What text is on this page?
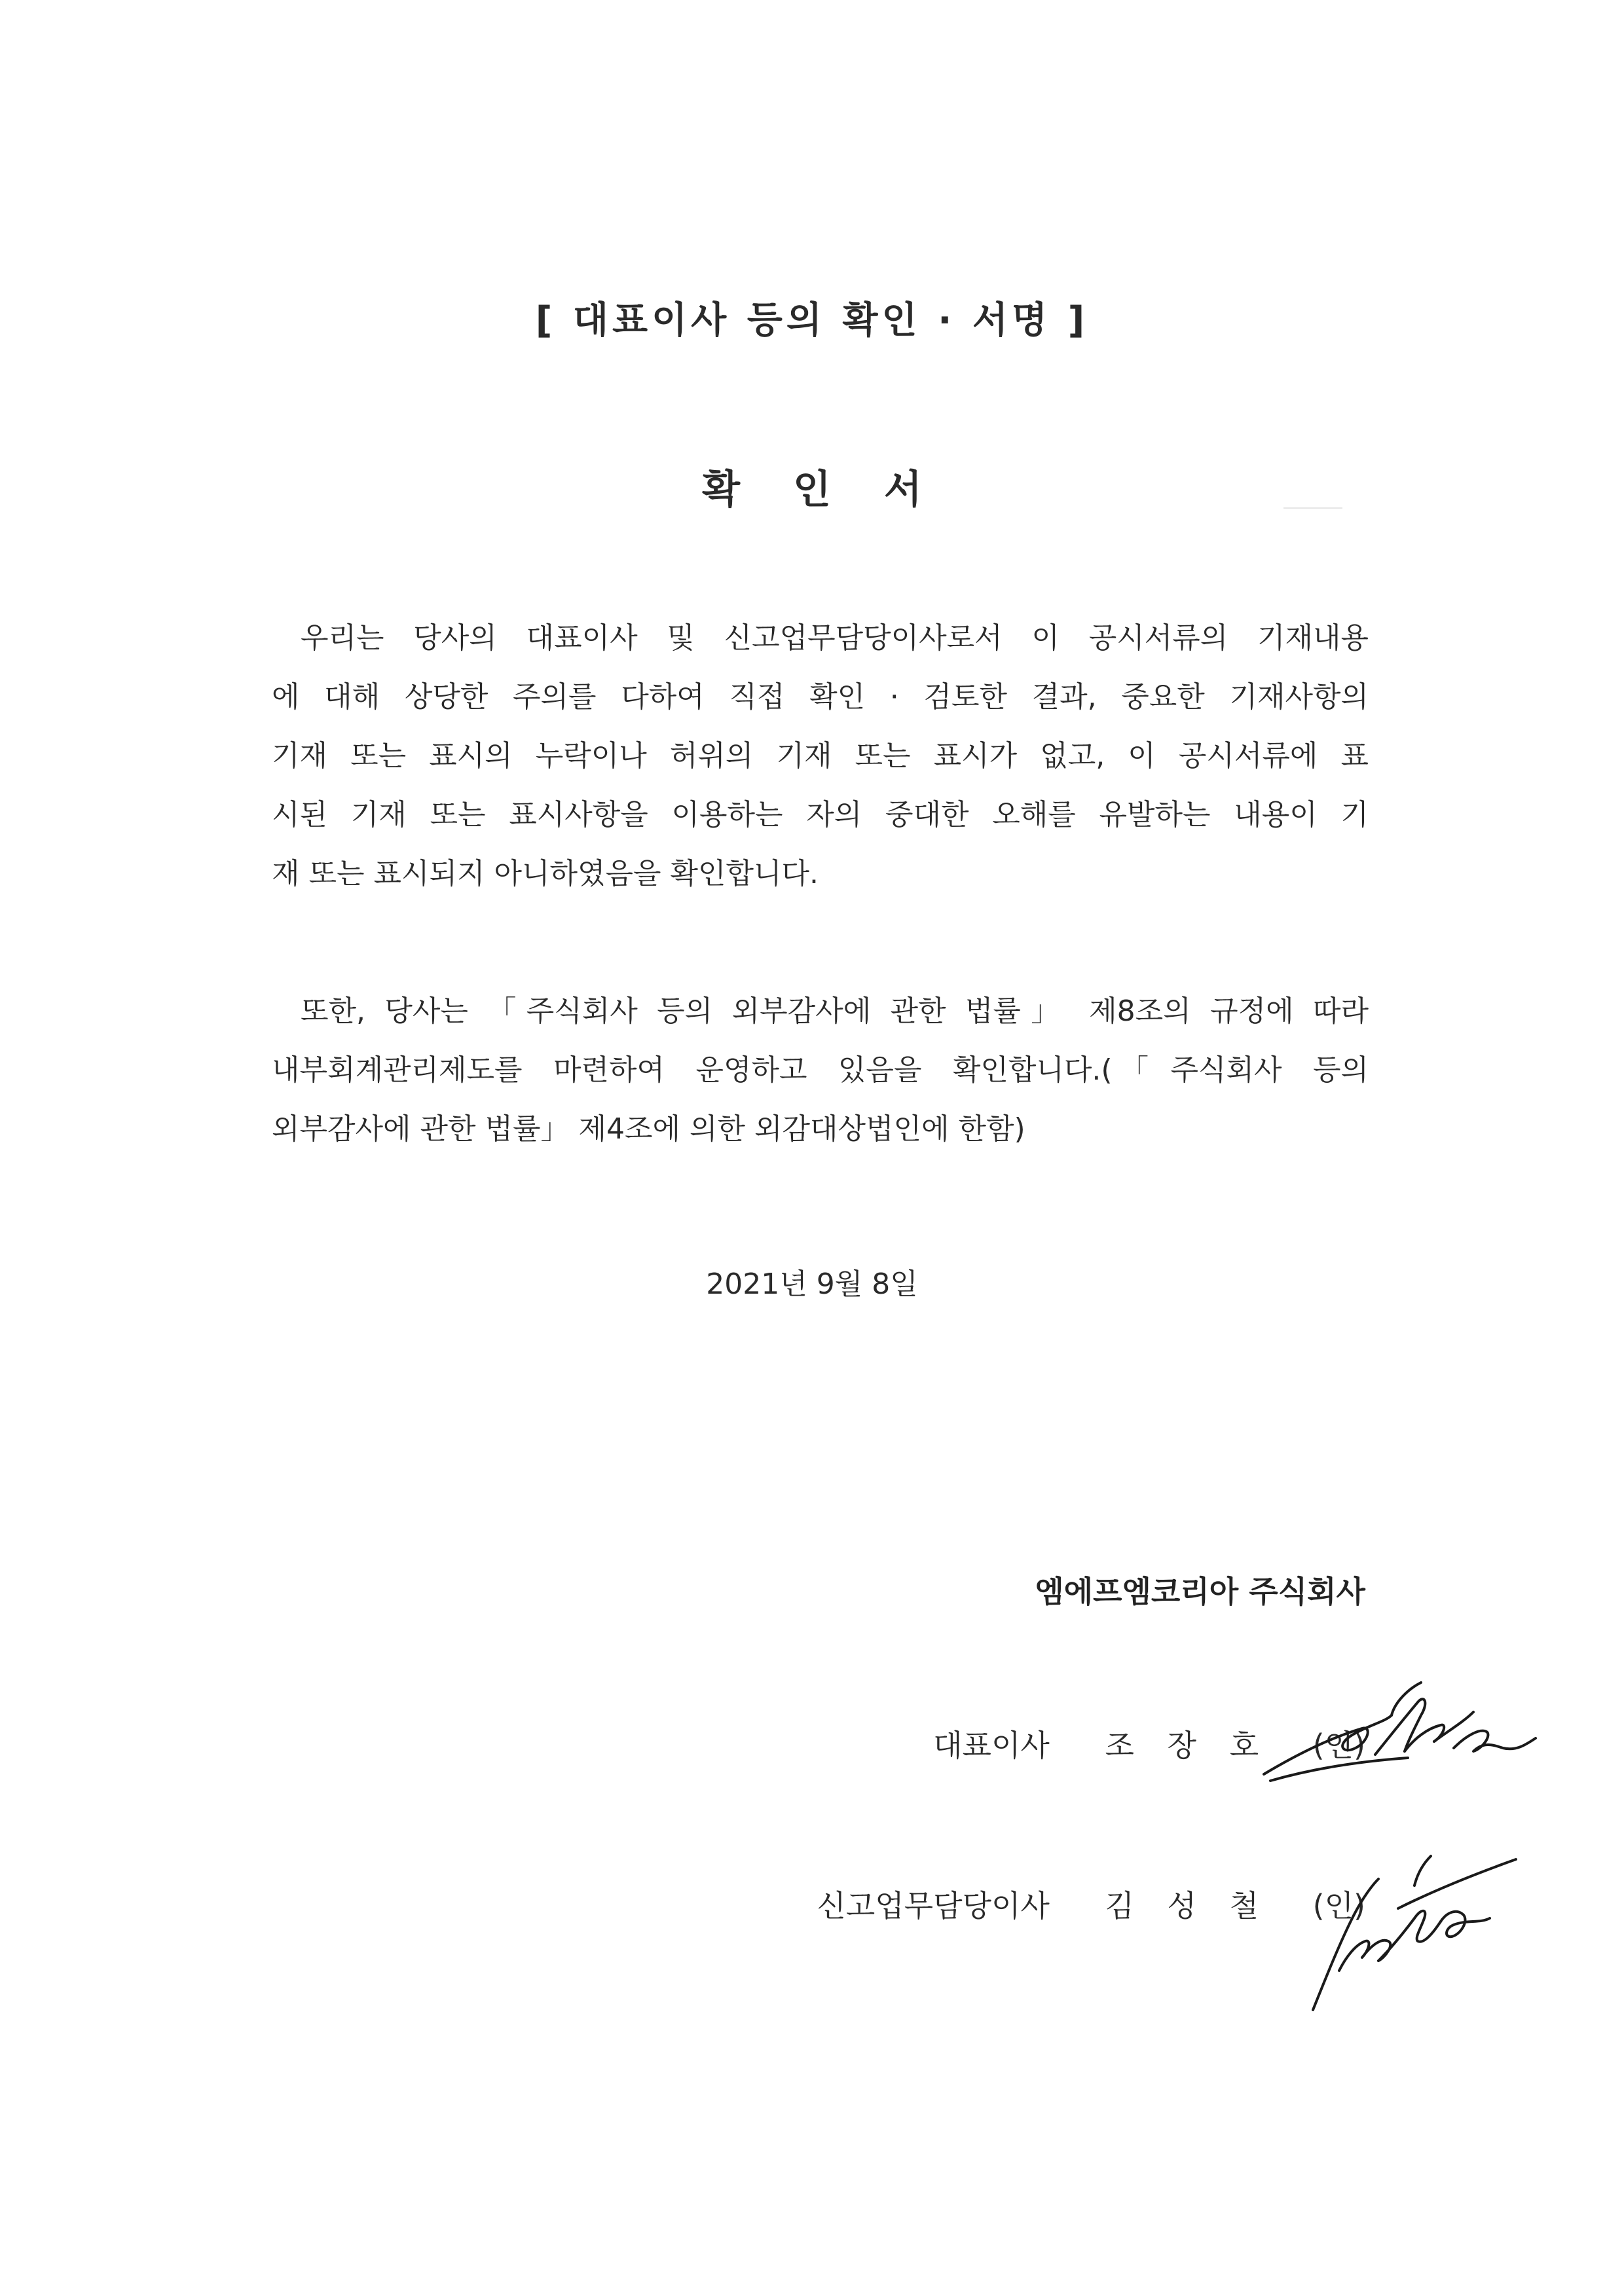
[ 대표이사 등의 확인 · 서명 ]
확 인 서
우리는 당사의 대표이사 및 신고업무담당이사로서 이 공시서류의 기재내용
에 대해 상당한 주의를 다하여 직접 확인 · 검토한 결과, 중요한 기재사항의
기재 또는 표시의 누락이나 허위의 기재 또는 표시가 없고, 이 공시서류에 표
시된 기재 또는 표시사항을 이용하는 자의 중대한 오해를 유발하는 내용이 기
재 또는 표시되지 아니하였음을 확인합니다.
또한, 당사는 「주식회사 등의 외부감사에 관한 법률」 제8조의 규정에 따라
내부회계관리제도를 마련하여 운영하고 있음을 확인합니다.(「주식회사 등의
외부감사에 관한 법률」 제4조에 의한 외감대상법인에 한함)
2021년 9월 8일
엠에프엠코리아 주식회사
대표이사 조 장 호 (인)
신고업무담당이사 김 성 철 (인)
